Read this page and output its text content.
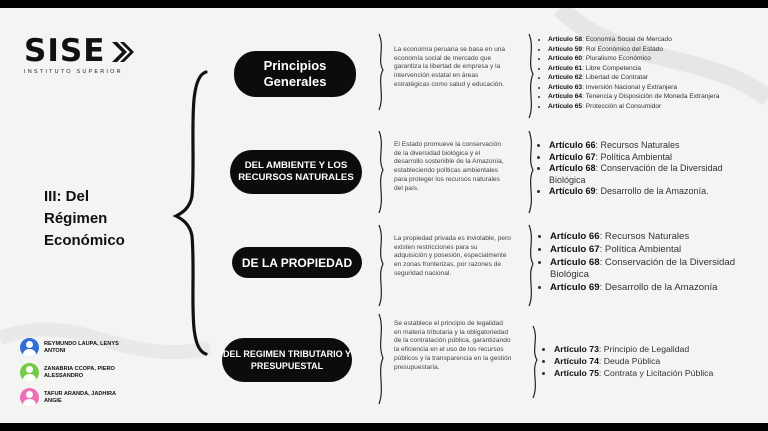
SISE
INSTITUTO SUPERIOR
III: Del Régimen Económico
Principios Generales
La economía peruana se basa en una economía social de mercado que garantiza la libertad de empresa y la intervención estatal en áreas estratégicas como salud y educación.
• Artículo 58: Economía Social de Mercado
• Artículo 59: Rol Económico del Estado
• Artículo 60: Pluralismo Económico
• Artículo 61: Libre Competencia
• Artículo 62: Libertad de Contratar
• Artículo 63: Inversión Nacional y Extranjera
• Artículo 64: Tenencia y Disposición de Moneda Extranjera
• Artículo 65: Protección al Consumidor
DEL AMBIENTE Y LOS RECURSOS NATURALES
El Estado promueve la conservación de la diversidad biológica y el desarrollo sostenible de la Amazonía, estableciendo políticas ambientales para proteger los recursos naturales del país.
• Artículo 66: Recursos Naturales
• Artículo 67: Política Ambiental
• Artículo 68: Conservación de la Diversidad Biológica
• Artículo 69: Desarrollo de la Amazonía.
DE LA PROPIEDAD
La propiedad privada es inviolable, pero existen restricciones para su adquisición y posesión, especialmente en zonas fronterizas, por razones de seguridad nacional.
• Artículo 66: Recursos Naturales
• Artículo 67: Política Ambiental
• Artículo 68: Conservación de la Diversidad Biológica
• Artículo 69: Desarrollo de la Amazonía
DEL REGIMEN TRIBUTARIO Y PRESUPUESTAL
Se establece el principio de legalidad en materia tributaria y la obligatoriedad de la contratación pública, garantizando la eficiencia en el uso de los recursos públicos y la transparencia en la gestión presupuestaria.
• Artículo 73: Principio de Legalidad
• Artículo 74: Deuda Pública
• Artículo 75: Contrata y Licitación Pública
REYMUNDO LAUPA, LENYS ANTONI
ZANABRIA CCOPA, PIERO ALESSANDRO
TAFUR ARANDA, JADHIRA ANGIE
